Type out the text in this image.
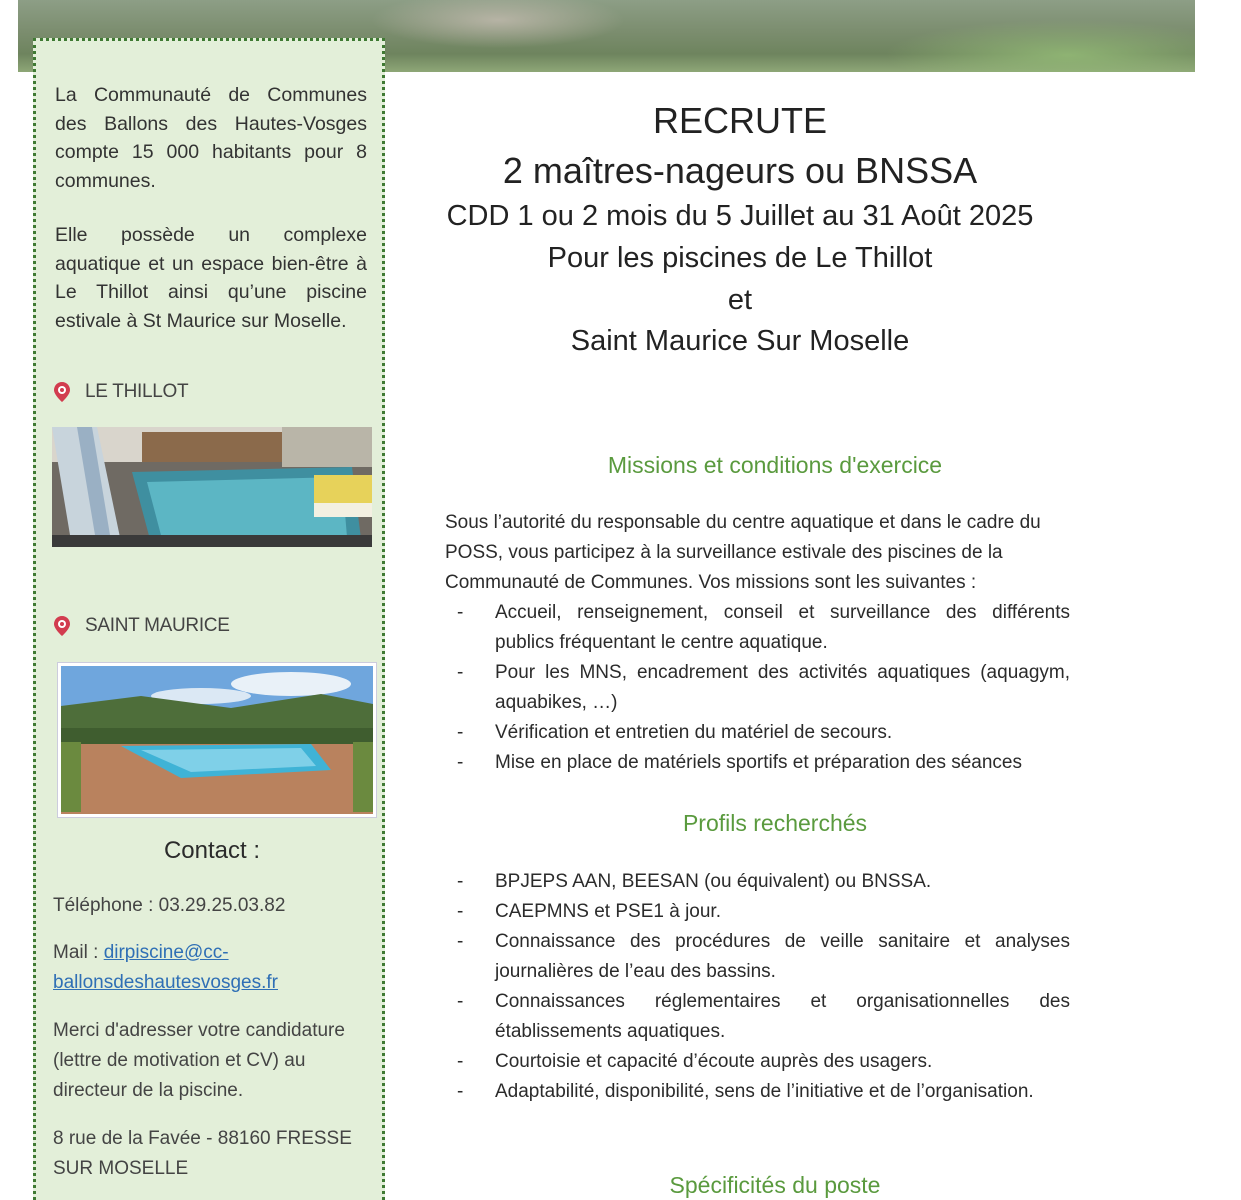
La Communauté de Communes des Ballons des Hautes-Vosges compte 15 000 habitants pour 8 communes.
Elle possède un complexe aquatique et un espace bien-être à Le Thillot ainsi qu’une piscine estivale à St Maurice sur Moselle.
LE THILLOT
SAINT MAURICE
Contact :
Téléphone : 03.29.25.03.82
Mail : dirpiscine@cc-ballonsdeshautesvosges.fr
Merci d'adresser votre candidature (lettre de motivation et CV) au directeur de la piscine.
8 rue de la Favée - 88160 FRESSE SUR MOSELLE
RECRUTE
2 maîtres-nageurs ou BNSSA
CDD 1 ou 2 mois du 5 Juillet au 31 Août 2025
Pour les piscines de Le Thillot
et
Saint Maurice Sur Moselle
Missions et conditions d'exercice
Sous l’autorité du responsable du centre aquatique et dans le cadre du POSS, vous participez à la surveillance estivale des piscines de la Communauté de Communes. Vos missions sont les suivantes :
- Accueil, renseignement, conseil et surveillance des différents publics fréquentant le centre aquatique.
- Pour les MNS, encadrement des activités aquatiques (aquagym, aquabikes, …)
- Vérification et entretien du matériel de secours.
- Mise en place de matériels sportifs et préparation des séances
Profils recherchés
- BPJEPS AAN, BEESAN (ou équivalent) ou BNSSA.
- CAEPMNS et PSE1 à jour.
- Connaissance des procédures de veille sanitaire et analyses journalières de l’eau des bassins.
- Connaissances réglementaires et organisationnelles des établissements aquatiques.
- Courtoisie et capacité d’écoute auprès des usagers.
- Adaptabilité, disponibilité, sens de l’initiative et de l’organisation.
Spécificités du poste
